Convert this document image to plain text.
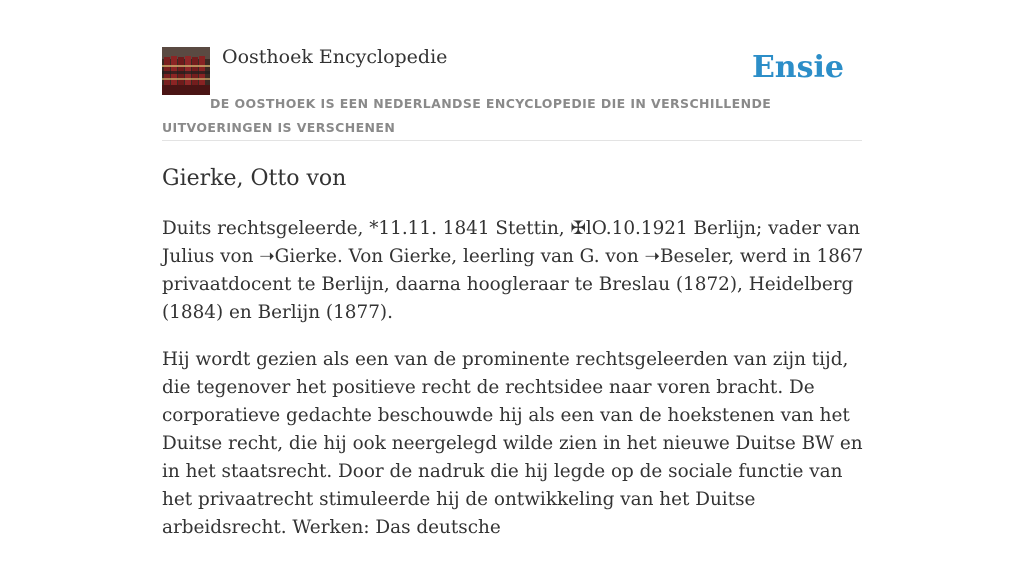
Oosthoek Encyclopedie	Ensie
DE OOSTHOEK IS EEN NEDERLANDSE ENCYCLOPEDIE DIE IN VERSCHILLENDE UITVOERINGEN IS VERSCHENEN
Gierke, Otto von

Duits rechtsgeleerde, *11.11. 1841 Stettin, ✠lO.10.1921 Berlijn; vader van Julius von ➝Gierke. Von Gierke, leerling van G. von ➝Beseler, werd in 1867 privaatdocent te Berlijn, daarna hoogleraar te Breslau (1872), Heidelberg (1884) en Berlijn (1877).

Hij wordt gezien als een van de prominente rechtsgeleerden van zijn tijd, die tegenover het positieve recht de rechtsidee naar voren bracht. De corporatieve gedachte beschouwde hij als een van de hoekstenen van het Duitse recht, die hij ook neergelegd wilde zien in het nieuwe Duitse BW en in het staatsrecht. Door de nadruk die hij legde op de sociale functie van het privaatrecht stimuleerde hij de ontwikkeling van het Duitse arbeidsrecht. Werken: Das deutsche
